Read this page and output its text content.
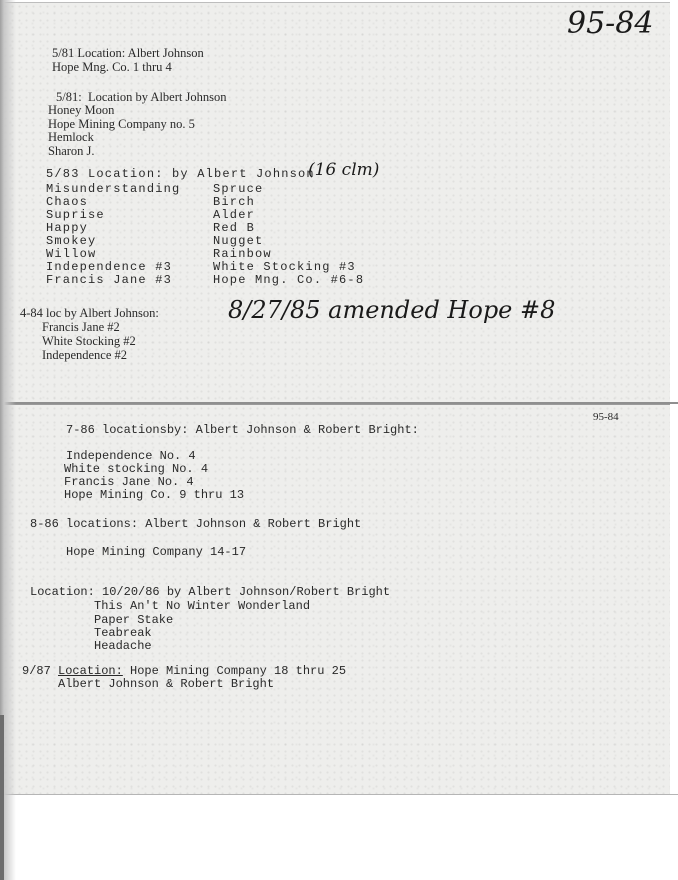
95-84
5/81 Location: Albert Johnson
Hope Mng. Co. 1 thru 4
5/81:  Location by Albert Johnson
Honey Moon
Hope Mining Company no. 5
Hemlock
Sharon J.
5/83 Location: by Albert Johnson
(16 clm)
Misunderstanding
Chaos
Suprise
Happy
Smokey
Willow
Independence #3
Francis Jane #3
Spruce
Birch
Alder
Red B
Nugget
Rainbow
White Stocking #3
Hope Mng. Co. #6-8
4-84 loc by Albert Johnson:	8/27/85 amended Hope #8
Francis Jane #2
White Stocking #2
Independence #2
95-84
7-86 locationsby: Albert Johnson & Robert Bright:
Independence No. 4
White stocking No. 4
Francis Jane No. 4
Hope Mining Co. 9 thru 13
8-86 locations: Albert Johnson & Robert Bright
Hope Mining Company 14-17
Location: 10/20/86 by Albert Johnson/Robert Bright
This An't No Winter Wonderland
Paper Stake
Teabreak
Headache
9/87 Location: Hope Mining Company 18 thru 25
Albert Johnson & Robert Bright
